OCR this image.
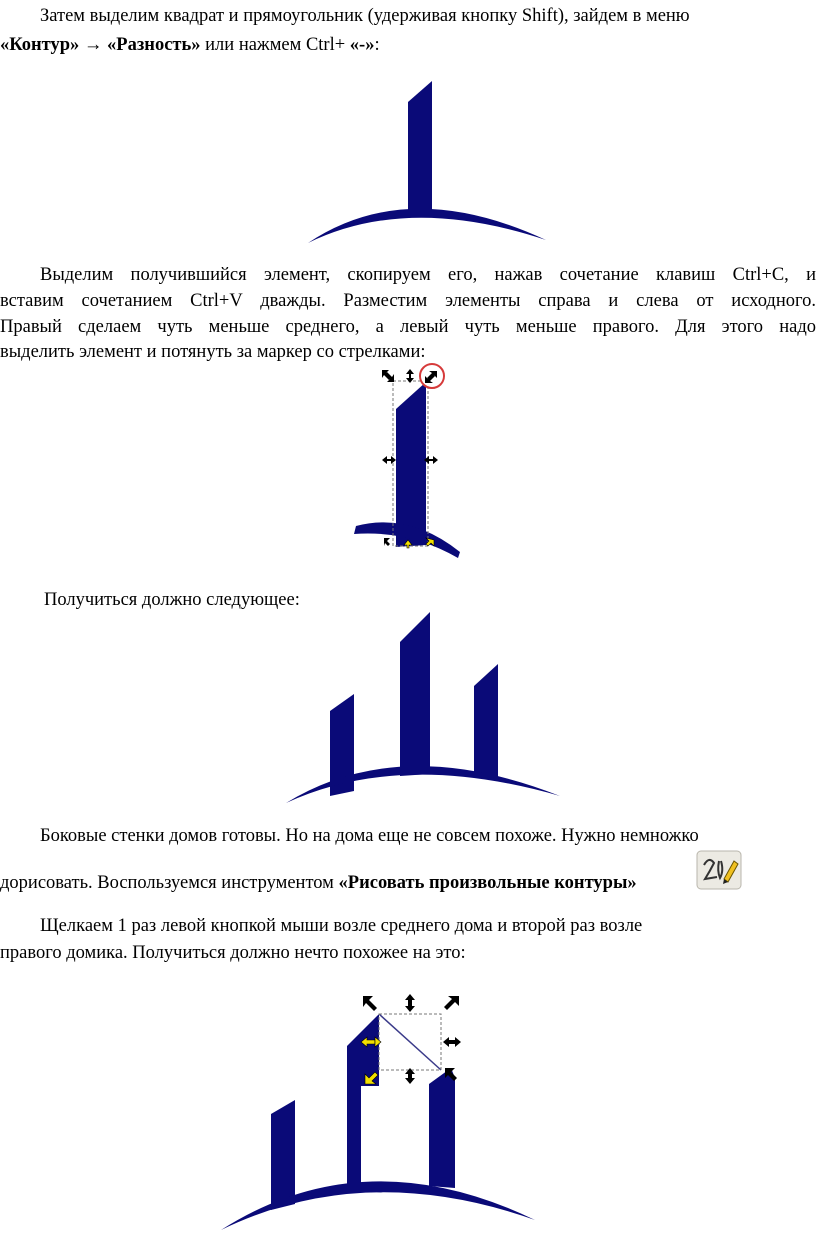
Затем выделим квадрат и прямоугольник (удерживая кнопку Shift), зайдем в меню
«Контур» → «Разность» или нажмем Ctrl+ «-»:
Выделим получившийся элемент, скопируем его, нажав сочетание клавиш Ctrl+C, и
вставим сочетанием Ctrl+V дважды. Разместим элементы справа и слева от исходного.
Правый сделаем чуть меньше среднего, а левый чуть меньше правого. Для этого надо
выделить элемент и потянуть за маркер со стрелками:
Получиться должно следующее:
Боковые стенки домов готовы. Но на дома еще не совсем похоже. Нужно немножко
дорисовать. Воспользуемся инструментом «Рисовать произвольные контуры»
Щелкаем 1 раз левой кнопкой мыши возле среднего дома и второй раз возле
правого домика. Получиться должно нечто похожее на это:
